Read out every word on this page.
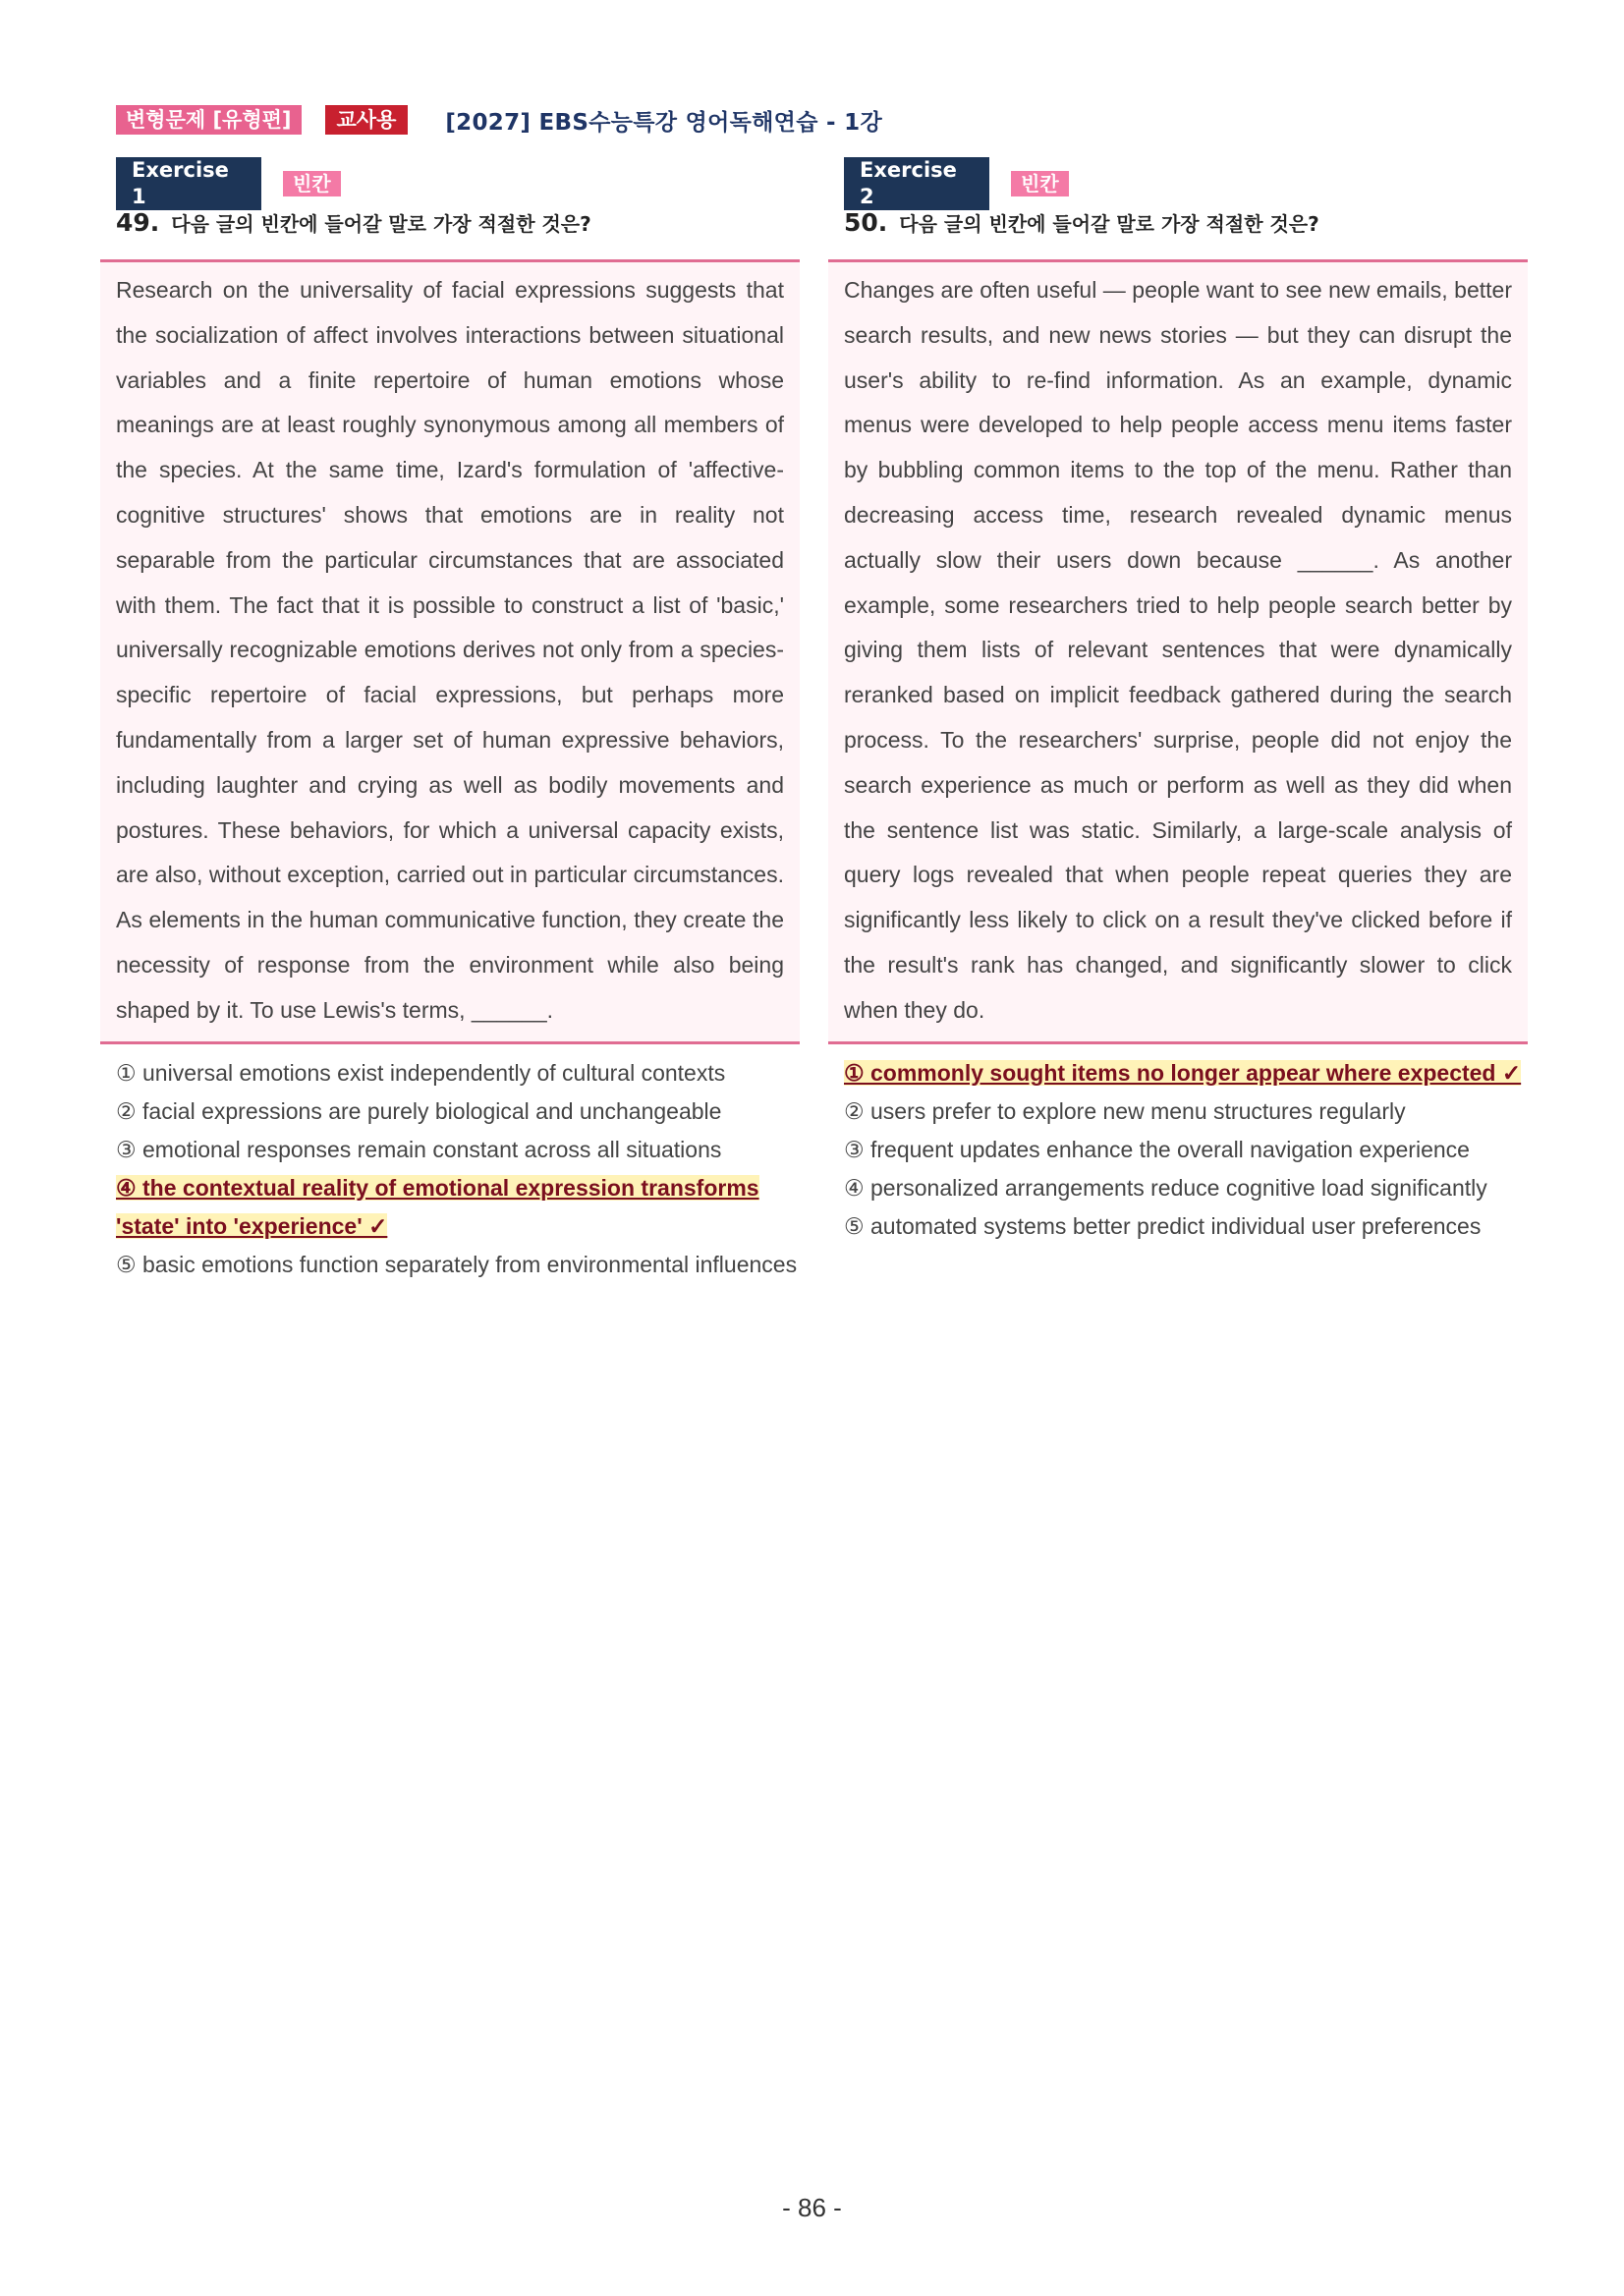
변형문제 [유형편]	교사용	[2027] EBS수능특강 영어독해연습 - 1강
Exercise 1
빈칸
49. 다음 글의 빈칸에 들어갈 말로 가장 적절한 것은?
Research on the universality of facial expressions suggests that the socialization of affect involves interactions between situational variables and a finite repertoire of human emotions whose meanings are at least roughly synonymous among all members of the species. At the same time, Izard's formulation of 'affective-cognitive structures' shows that emotions are in reality not separable from the particular circumstances that are associated with them. The fact that it is possible to construct a list of 'basic,' universally recognizable emotions derives not only from a species-specific repertoire of facial expressions, but perhaps more fundamentally from a larger set of human expressive behaviors, including laughter and crying as well as bodily movements and postures. These behaviors, for which a universal capacity exists, are also, without exception, carried out in particular circumstances. As elements in the human communicative function, they create the necessity of response from the environment while also being shaped by it. To use Lewis's terms, ______.
① universal emotions exist independently of cultural contexts
② facial expressions are purely biological and unchangeable
③ emotional responses remain constant across all situations
④ the contextual reality of emotional expression transforms 'state' into 'experience' ✓
⑤ basic emotions function separately from environmental influences
Exercise 2
빈칸
50. 다음 글의 빈칸에 들어갈 말로 가장 적절한 것은?
Changes are often useful — people want to see new emails, better search results, and new news stories — but they can disrupt the user's ability to re-find information. As an example, dynamic menus were developed to help people access menu items faster by bubbling common items to the top of the menu. Rather than decreasing access time, research revealed dynamic menus actually slow their users down because ______. As another example, some researchers tried to help people search better by giving them lists of relevant sentences that were dynamically reranked based on implicit feedback gathered during the search process. To the researchers' surprise, people did not enjoy the search experience as much or perform as well as they did when the sentence list was static. Similarly, a large-scale analysis of query logs revealed that when people repeat queries they are significantly less likely to click on a result they've clicked before if the result's rank has changed, and significantly slower to click when they do.
① commonly sought items no longer appear where expected ✓
② users prefer to explore new menu structures regularly
③ frequent updates enhance the overall navigation experience
④ personalized arrangements reduce cognitive load significantly
⑤ automated systems better predict individual user preferences
- 86 -
